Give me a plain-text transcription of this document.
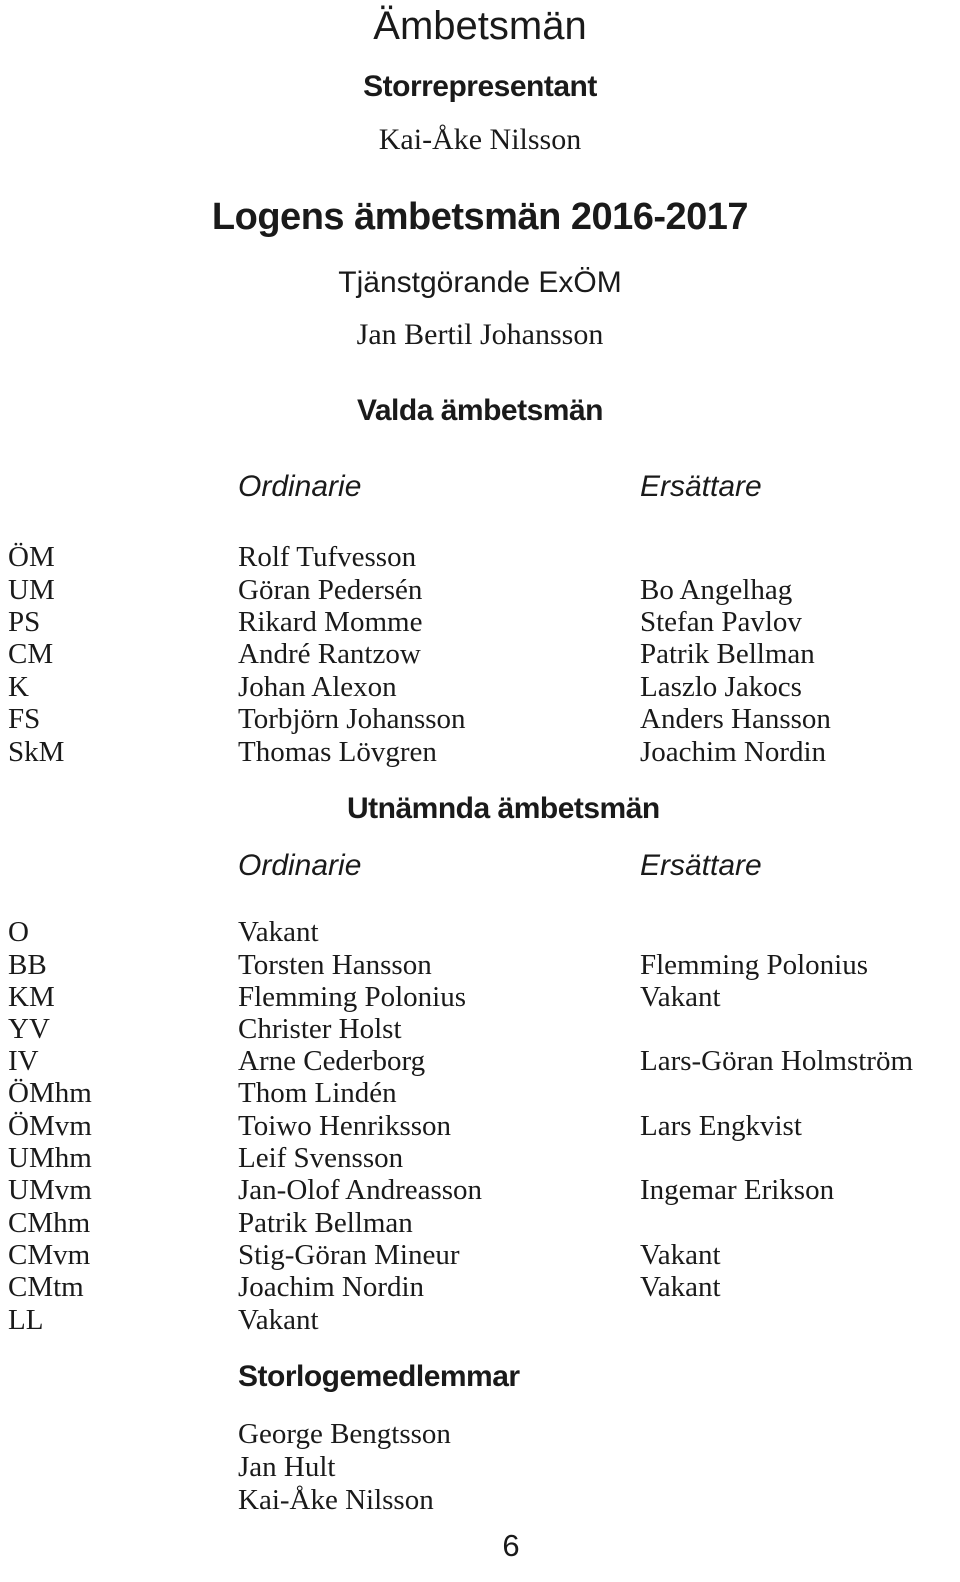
Ämbetsmän
Storrepresentant
Kai-Åke Nilsson
Logens ämbetsmän 2016-2017
Tjänstgörande ExÖM
Jan Bertil Johansson
Valda ämbetsmän
Ordinarie	Ersättare
ÖM	Rolf Tufvesson
UM	Göran Pedersén	Bo Angelhag
PS	Rikard Momme	Stefan Pavlov
CM	André Rantzow	Patrik Bellman
K	Johan Alexon	Laszlo Jakocs
FS	Torbjörn Johansson	Anders Hansson
SkM	Thomas Lövgren	Joachim Nordin
Utnämnda ämbetsmän
Ordinarie	Ersättare
O	Vakant
BB	Torsten Hansson	Flemming Polonius
KM	Flemming Polonius	Vakant
YV	Christer Holst
IV	Arne Cederborg	Lars-Göran Holmström
ÖMhm	Thom Lindén
ÖMvm	Toiwo Henriksson	Lars Engkvist
UMhm	Leif Svensson
UMvm	Jan-Olof Andreasson	Ingemar Erikson
CMhm	Patrik Bellman
CMvm	Stig-Göran Mineur	Vakant
CMtm	Joachim Nordin	Vakant
LL	Vakant
Storlogemedlemmar
George Bengtsson
Jan Hult
Kai-Åke Nilsson
6
